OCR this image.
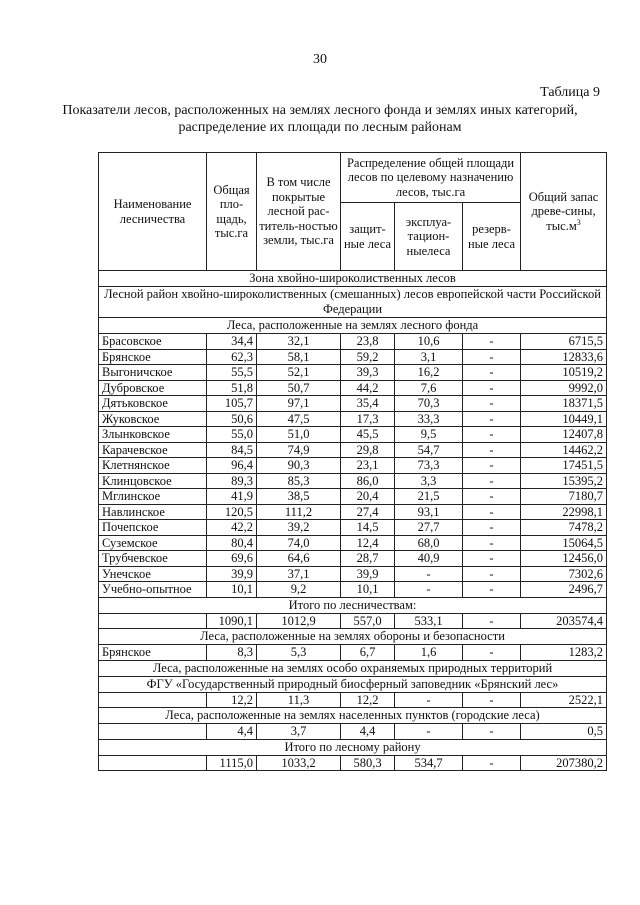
30
Таблица 9
Показатели лесов, расположенных на землях лесного фонда и землях иных категорий, распределение их площади по лесным районам
Наименование лесничества	Общая пло-щадь, тыс.га	В том числе покрытые лесной рас-титель-ностью земли, тыс.га	Распределение общей площади лесов по целевому назначению лесов, тыс.га			Общий запас древе-сины, $тыс.м^3$
			защит-ные леса	эксплуа-тацион-ныелеса	резерв-ные леса	
Зона хвойно-широколиственных лесов						
Лесной район хвойно-широколиственных (смешанных) лесов европейской части Российской Федерации						
Леса, расположенные на землях лесного фонда						
Брасовское	34,4	32,1	23,8	10,6	-	6715,5
Брянское	62,3	58,1	59,2	3,1	-	12833,6
Выгоничское	55,5	52,1	39,3	16,2	-	10519,2
Дубровское	51,8	50,7	44,2	7,6	-	9992,0
Дятьковское	105,7	97,1	35,4	70,3	-	18371,5
Жуковское	50,6	47,5	17,3	33,3	-	10449,1
Злынковское	55,0	51,0	45,5	9,5	-	12407,8
Карачевское	84,5	74,9	29,8	54,7	-	14462,2
Клетнянское	96,4	90,3	23,1	73,3	-	17451,5
Клинцовское	89,3	85,3	86,0	3,3	-	15395,2
Мглинское	41,9	38,5	20,4	21,5	-	7180,7
Навлинское	120,5	111,2	27,4	93,1	-	22998,1
Почепское	42,2	39,2	14,5	27,7	-	7478,2
Суземское	80,4	74,0	12,4	68,0	-	15064,5
Трубчевское	69,6	64,6	28,7	40,9	-	12456,0
Унечское	39,9	37,1	39,9	-	-	7302,6
Учебно-опытное	10,1	9,2	10,1	-	-	2496,7
Итого по лесничествам:						
	1090,1	1012,9	557,0	533,1	-	203574,4
Леса, расположенные на землях обороны и безопасности						
Брянское	8,3	5,3	6,7	1,6	-	1283,2
Леса, расположенные на землях особо охраняемых природных территорий						
ФГУ «Государственный природный биосферный заповедник «Брянский лес»						
	12,2	11,3	12,2	-	-	2522,1
Леса, расположенные на землях населенных пунктов (городские леса)						
	4,4	3,7	4,4	-	-	0,5
Итого по лесному району						
	1115,0	1033,2	580,3	534,7	-	207380,2
